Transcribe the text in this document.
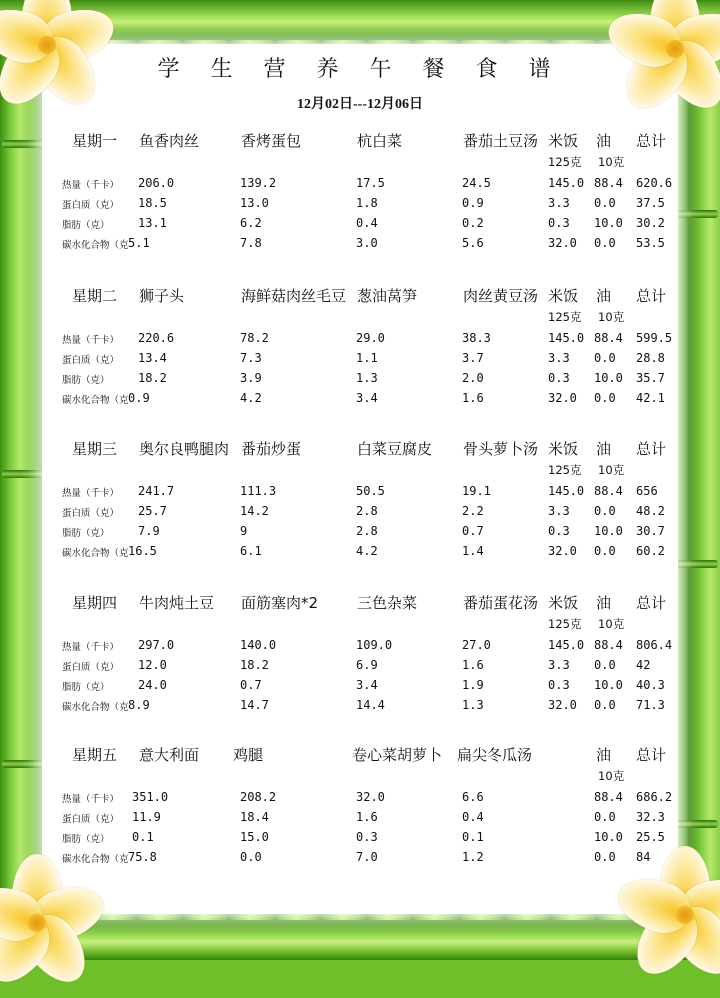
学 生 营 养 午 餐 食 谱
12月02日---12月06日
星期一 鱼香肉丝	香烤蛋包	杭白菜	番茄土豆汤 米饭 油 总计
125克 10克
热量（千卡） 206.0	139.2	17.5	24.5	145.0 88.4 620.6
蛋白质（克） 18.5	13.0	1.8	0.9	3.3 0.0 37.5
脂肪（克） 13.1	6.2	0.4	0.2	0.3 10.0 30.2
碳水化合物（克 5.1	7.8	3.0	5.6	32.0 0.0 53.5
星期二 狮子头	海鲜菇肉丝毛豆 葱油莴笋	肉丝黄豆汤 米饭 油 总计
125克 10克
热量（千卡） 220.6	78.2	29.0	38.3	145.0 88.4 599.5
蛋白质（克） 13.4	7.3	1.1	3.7	3.3 0.0 28.8
脂肪（克） 18.2	3.9	1.3	2.0	0.3 10.0 35.7
碳水化合物（克 0.9	4.2	3.4	1.6	32.0 0.0 42.1
星期三 奥尔良鸭腿肉 番茄炒蛋	白菜豆腐皮 骨头萝卜汤 米饭 油 总计
125克 10克
热量（千卡） 241.7	111.3	50.5	19.1	145.0 88.4 656
蛋白质（克） 25.7	14.2	2.8	2.2	3.3 0.0 48.2
脂肪（克） 7.9	9	2.8	0.7	0.3 10.0 30.7
碳水化合物（克 16.5	6.1	4.2	1.4	32.0 0.0 60.2
星期四 牛肉炖土豆 面筋塞肉*2	三色杂菜	番茄蛋花汤 米饭 油 总计
125克 10克
热量（千卡） 297.0	140.0	109.0	27.0	145.0 88.4 806.4
蛋白质（克） 12.0	18.2	6.9	1.6	3.3 0.0 42
脂肪（克） 24.0	0.7	3.4	1.9	0.3 10.0 40.3
碳水化合物（克 8.9	14.7	14.4	1.3	32.0 0.0 71.3
星期五 意大利面 鸡腿	卷心菜胡萝卜 扁尖冬瓜汤	油 总计
10克
热量（千卡） 351.0	208.2	32.0	6.6	88.4 686.2
蛋白质（克） 11.9	18.4	1.6	0.4	0.0 32.3
脂肪（克） 0.1	15.0	0.3	0.1	10.0 25.5
碳水化合物（克 75.8	0.0	7.0	1.2	0.0 84
